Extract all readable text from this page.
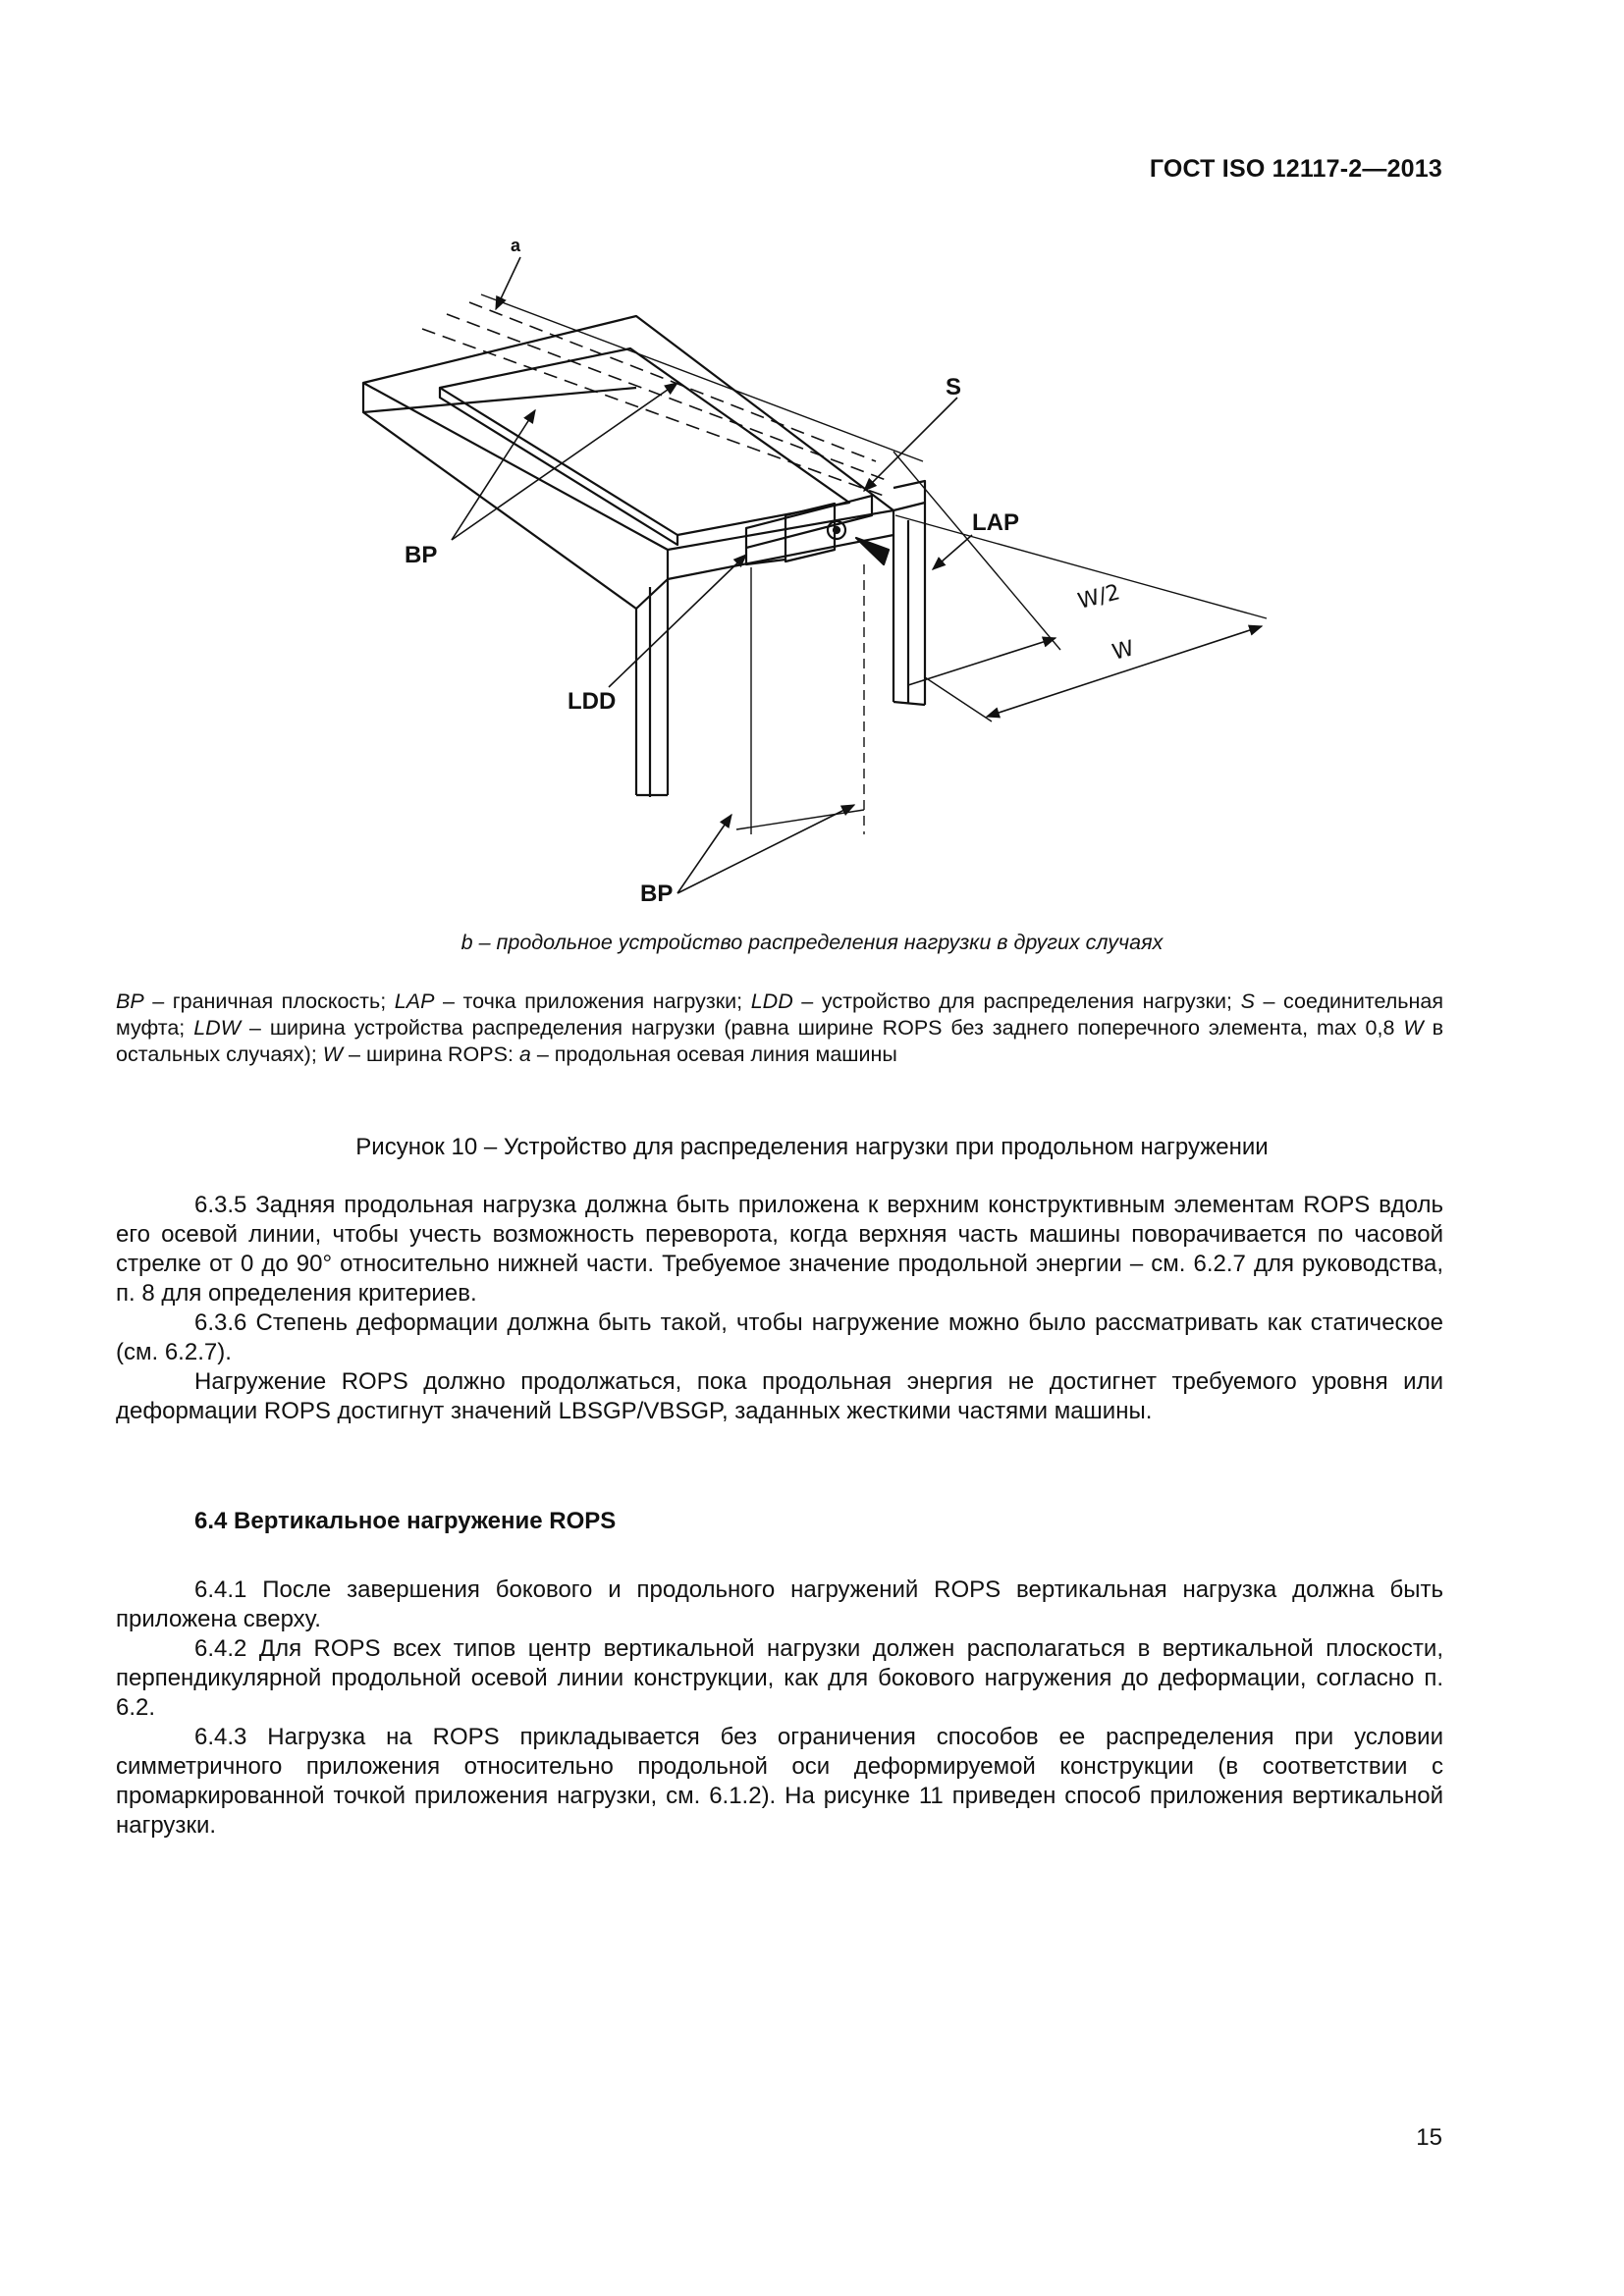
ГОСТ ISO 12117-2—2013
a
S
LAP
BP
LDD
BP
W/2
W
b – продольное устройство распределения нагрузки в других случаях
BP – граничная плоскость; LAP – точка приложения нагрузки; LDD – устройство для распределения нагрузки; S – соединительная муфта; LDW – ширина устройства распределения нагрузки (равна ширине ROPS без заднего поперечного элемента, max 0,8 W в остальных случаях); W – ширина ROPS: a – продольная осевая линия машины
Рисунок 10 – Устройство для распределения нагрузки при продольном нагружении

6.3.5 Задняя продольная нагрузка должна быть приложена к верхним конструктивным элементам ROPS вдоль его осевой линии, чтобы учесть возможность переворота, когда верхняя часть машины поворачивается по часовой стрелке от 0 до 90° относительно нижней части. Требуемое значение продольной энергии – см. 6.2.7 для руководства, п. 8 для определения критериев.

6.3.6 Степень деформации должна быть такой, чтобы нагружение можно было рассматривать как статическое (см. 6.2.7).

Нагружение ROPS должно продолжаться, пока продольная энергия не достигнет требуемого уровня или деформации ROPS достигнут значений LBSGP/VBSGP, заданных жесткими частями машины.

6.4 Вертикальное нагружение ROPS

6.4.1 После завершения бокового и продольного нагружений ROPS вертикальная нагрузка должна быть приложена сверху.

6.4.2 Для ROPS всех типов центр вертикальной нагрузки должен располагаться в вертикальной плоскости, перпендикулярной продольной осевой линии конструкции, как для бокового нагружения до деформации, согласно п. 6.2.

6.4.3 Нагрузка на ROPS прикладывается без ограничения способов ее распределения при условии симметричного приложения относительно продольной оси деформируемой конструкции (в соответствии с промаркированной точкой приложения нагрузки, см. 6.1.2). На рисунке 11 приведен способ приложения вертикальной нагрузки.

15
